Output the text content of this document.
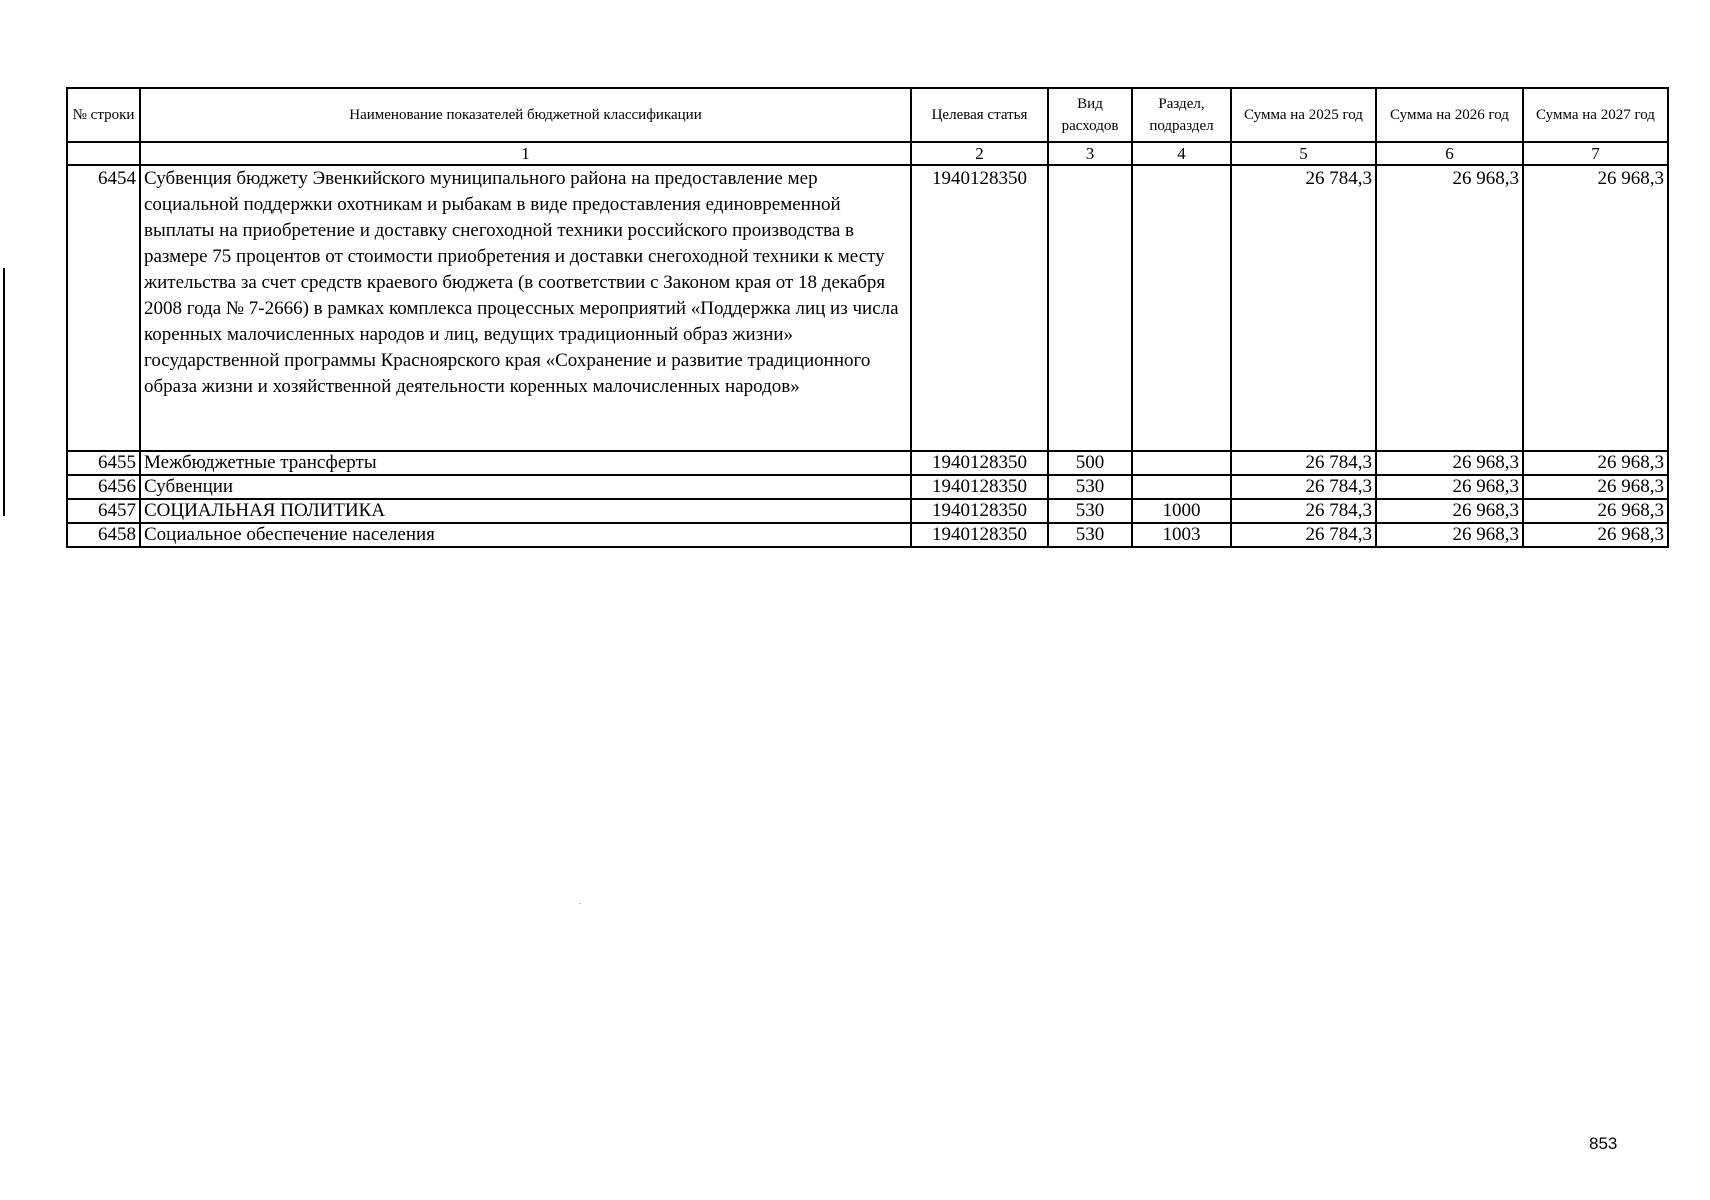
№ строки	Наименование показателей бюджетной классификации	Целевая статья	Вид расходов	Раздел, подраздел	Сумма на 2025 год	Сумма на 2026 год	Сумма на 2027 год
	1	2	3	4	5	6	7
6454	Субвенция бюджету Эвенкийского муниципального района на предоставление мер социальной поддержки охотникам и рыбакам в виде предоставления единовременной выплаты на приобретение и доставку снегоходной техники российского производства в размере 75 процентов от стоимости приобретения и доставки снегоходной техники к месту жительства за счет средств краевого бюджета (в соответствии с Законом края от 18 декабря 2008 года № 7-2666) в рамках комплекса процессных мероприятий «Поддержка лиц из числа коренных малочисленных народов и лиц, ведущих традиционный образ жизни» государственной программы Красноярского края «Сохранение и развитие традиционного образа жизни и хозяйственной деятельности коренных малочисленных народов»	1940128350			26 784,3	26 968,3	26 968,3
6455	Межбюджетные трансферты	1940128350	500		26 784,3	26 968,3	26 968,3
6456	Субвенции	1940128350	530		26 784,3	26 968,3	26 968,3
6457	СОЦИАЛЬНАЯ ПОЛИТИКА	1940128350	530	1000	26 784,3	26 968,3	26 968,3
6458	Социальное обеспечение населения	1940128350	530	1003	26 784,3	26 968,3	26 968,3
853
